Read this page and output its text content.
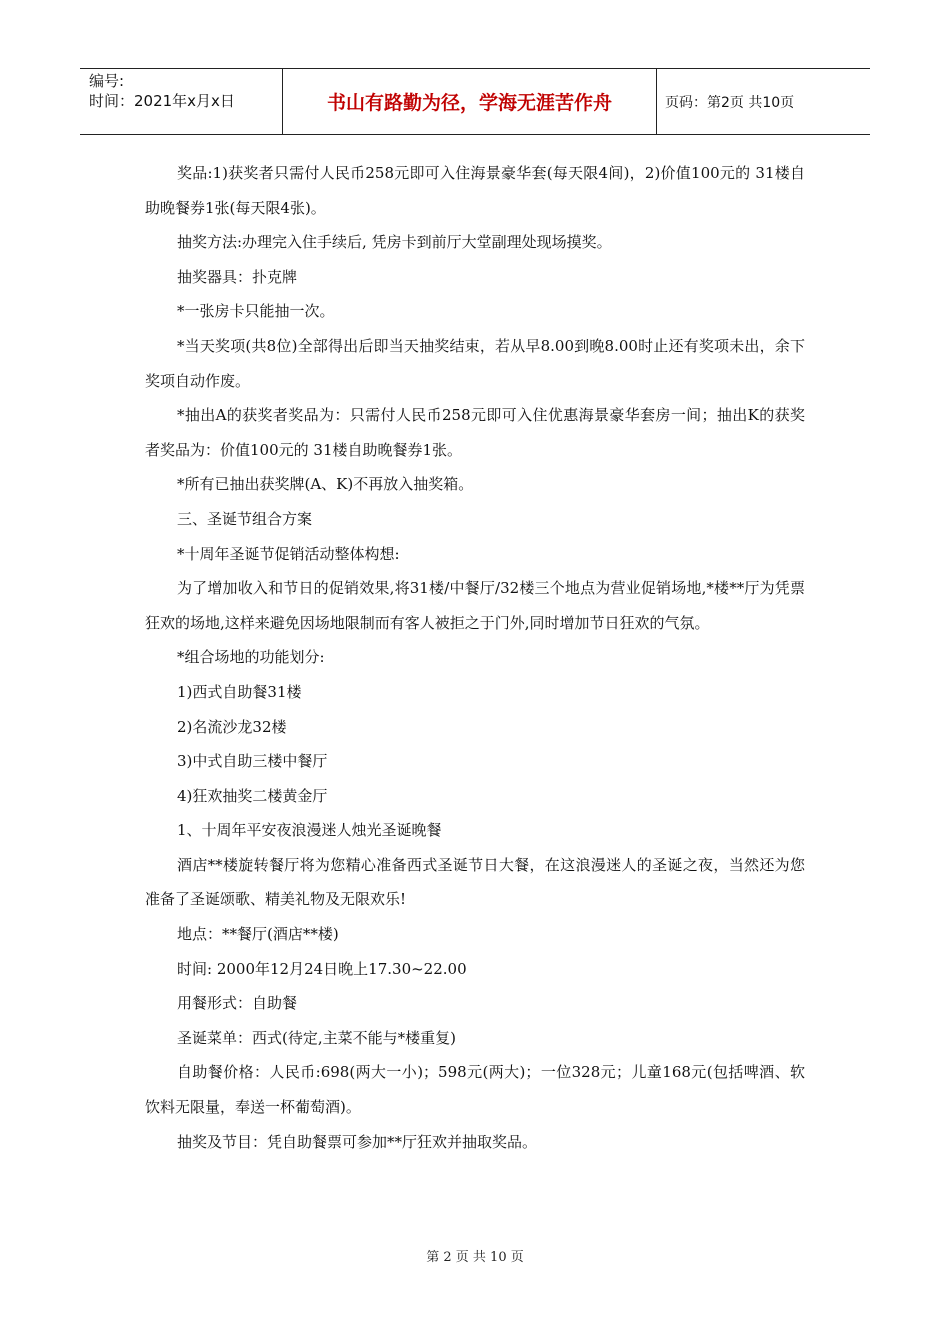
编号:
时间：2021年x月x日	书山有路勤为径，学海无涯苦作舟	页码：第2页 共10页

奖品:1)获奖者只需付人民币258元即可入住海景豪华套(每天限4间)，2)价值100元的 31楼自助晚餐券1张(每天限4张)。

抽奖方法:办理完入住手续后, 凭房卡到前厅大堂副理处现场摸奖。

抽奖器具：扑克牌

*一张房卡只能抽一次。

*当天奖项(共8位)全部得出后即当天抽奖结束，若从早8.00到晚8.00时止还有奖项未出，余下奖项自动作废。

*抽出A的获奖者奖品为：只需付人民币258元即可入住优惠海景豪华套房一间；抽出K的获奖者奖品为：价值100元的 31楼自助晚餐券1张。

*所有已抽出获奖牌(A、K)不再放入抽奖箱。

三、圣诞节组合方案

*十周年圣诞节促销活动整体构想:

为了增加收入和节日的促销效果,将31楼/中餐厅/32楼三个地点为营业促销场地,*楼**厅为凭票狂欢的场地,这样来避免因场地限制而有客人被拒之于门外,同时增加节日狂欢的气氛。

*组合场地的功能划分:

1)西式自助餐31楼

2)名流沙龙32楼

3)中式自助三楼中餐厅

4)狂欢抽奖二楼黄金厅

1、十周年平安夜浪漫迷人烛光圣诞晚餐

酒店**楼旋转餐厅将为您精心准备西式圣诞节日大餐，在这浪漫迷人的圣诞之夜，当然还为您准备了圣诞颂歌、精美礼物及无限欢乐!

地点：**餐厅(酒店**楼)

时间: 2000年12月24日晚上17.30~22.00

用餐形式：自助餐

圣诞菜单：西式(待定,主菜不能与*楼重复)

自助餐价格：人民币:698(两大一小)；598元(两大)；一位328元；儿童168元(包括啤酒、软饮料无限量，奉送一杯葡萄酒)。

抽奖及节目：凭自助餐票可参加**厅狂欢并抽取奖品。

第 2 页 共 10 页
